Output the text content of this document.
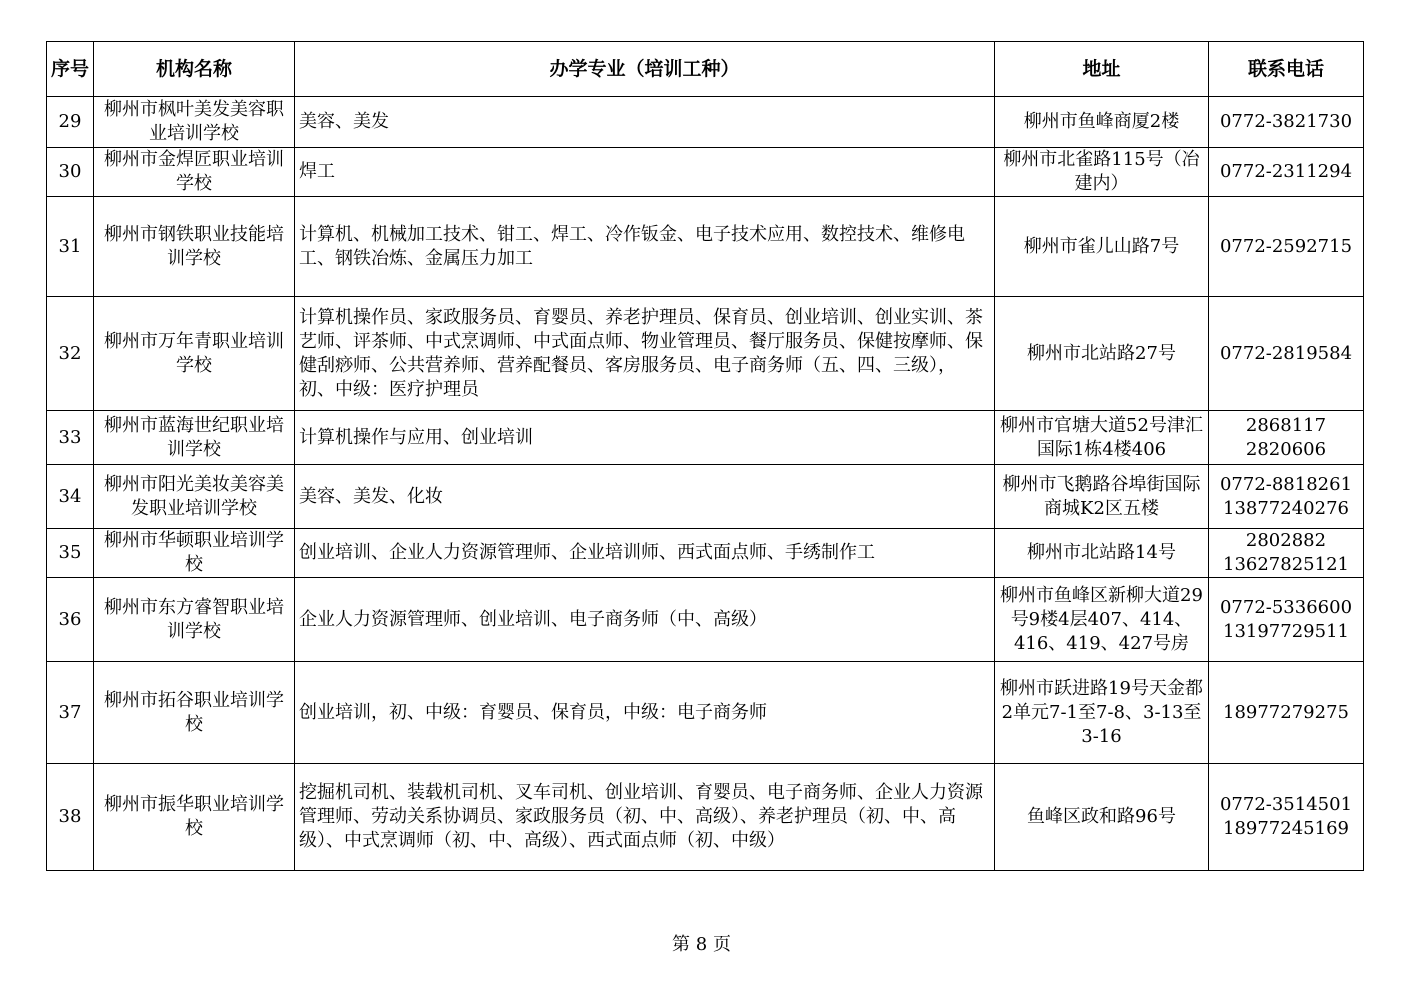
序号	机构名称	办学专业（培训工种）	地址	联系电话
29	柳州市枫叶美发美容职业培训学校	美容、美发	柳州市鱼峰商厦2楼	0772-3821730
30	柳州市金焊匠职业培训学校	焊工	柳州市北雀路115号（冶建内）	0772-2311294
31	柳州市钢铁职业技能培训学校	计算机、机械加工技术、钳工、焊工、冷作钣金、电子技术应用、数控技术、维修电工、钢铁冶炼、金属压力加工	柳州市雀儿山路7号	0772-2592715
32	柳州市万年青职业培训学校	计算机操作员、家政服务员、育婴员、养老护理员、保育员、创业培训、创业实训、茶艺师、评茶师、中式烹调师、中式面点师、物业管理员、餐厅服务员、保健按摩师、保健刮痧师、公共营养师、营养配餐员、客房服务员、电子商务师（五、四、三级），初、中级：医疗护理员	柳州市北站路27号	0772-2819584
33	柳州市蓝海世纪职业培训学校	计算机操作与应用、创业培训	柳州市官塘大道52号津汇国际1栋4楼406	2868117 2820606
34	柳州市阳光美妆美容美发职业培训学校	美容、美发、化妆	柳州市飞鹅路谷埠街国际商城K2区五楼	0772-8818261 13877240276
35	柳州市华顿职业培训学校	创业培训、企业人力资源管理师、企业培训师、西式面点师、手绣制作工	柳州市北站路14号	2802882 13627825121
36	柳州市东方睿智职业培训学校	企业人力资源管理师、创业培训、电子商务师（中、高级）	柳州市鱼峰区新柳大道29号9楼4层407、414、416、419、427号房	0772-5336600 13197729511
37	柳州市拓谷职业培训学校	创业培训，初、中级：育婴员、保育员，中级：电子商务师	柳州市跃进路19号天金都2单元7-1至7-8、3-13至3-16	18977279275
38	柳州市振华职业培训学校	挖掘机司机、装载机司机、叉车司机、创业培训、育婴员、电子商务师、企业人力资源管理师、劳动关系协调员、家政服务员（初、中、高级）、养老护理员（初、中、高级）、中式烹调师（初、中、高级）、西式面点师（初、中级）	鱼峰区政和路96号	0772-3514501 18977245169
第 8 页
